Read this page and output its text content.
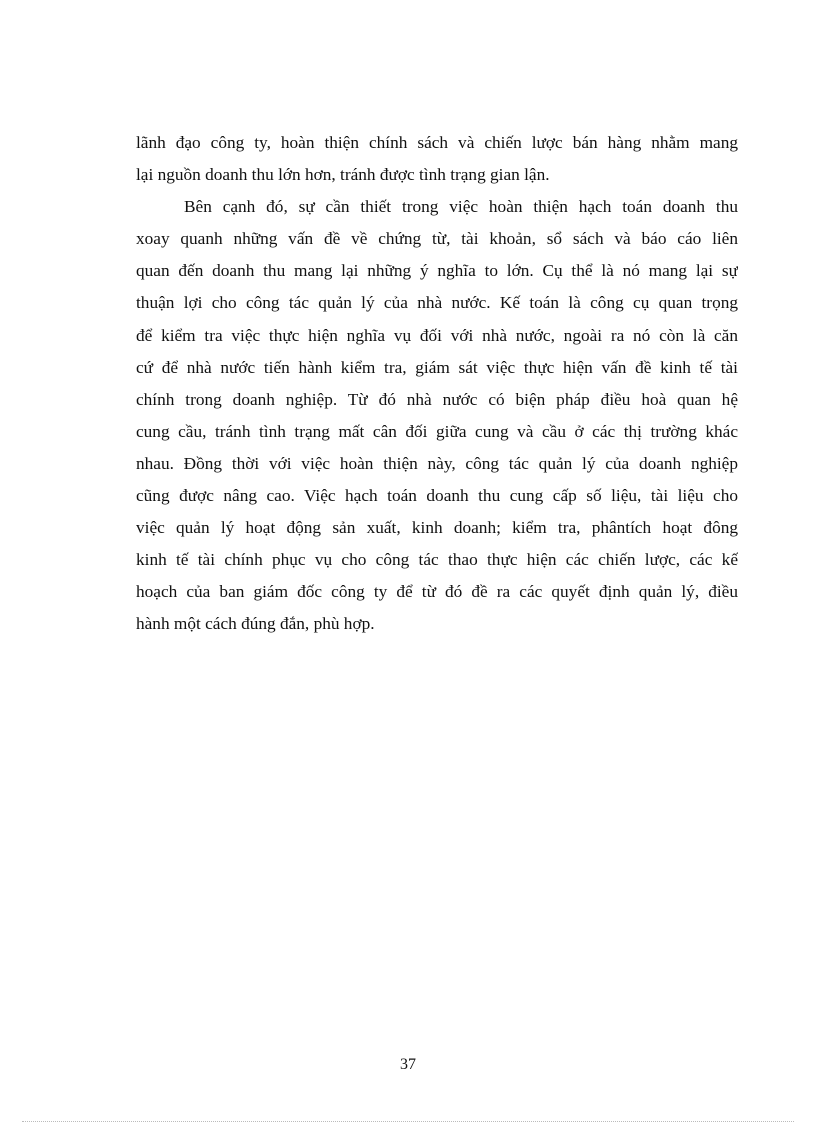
lãnh đạo công ty, hoàn thiện chính sách và chiến lược bán hàng nhằm mang
lại nguồn doanh thu lớn hơn, tránh được tình trạng gian lận.
Bên cạnh đó, sự cần thiết trong việc hoàn thiện hạch toán doanh thu
xoay quanh những vấn đề về chứng từ, tài khoản, sổ sách và báo cáo liên
quan đến doanh thu mang lại những ý nghĩa to lớn. Cụ thể là nó mang lại sự
thuận lợi cho công tác quản lý của nhà nước. Kế toán là công cụ quan trọng
để kiểm tra việc thực hiện nghĩa vụ đối với nhà nước, ngoài ra nó còn là căn
cứ để nhà nước tiến hành kiểm tra, giám sát việc thực hiện vấn đề kinh tế tài
chính trong doanh nghiệp. Từ đó nhà nước có biện pháp điều hoà quan hệ
cung cầu, tránh tình trạng mất cân đối giữa cung và cầu ở các thị trường khác
nhau. Đồng thời với việc hoàn thiện này, công tác quản lý của doanh nghiệp
cũng được nâng cao. Việc hạch toán doanh thu cung cấp số liệu, tài liệu cho
việc quản lý hoạt động sản xuất, kinh doanh; kiểm tra, phântích hoạt đông
kinh tế tài chính phục vụ cho công tác thao thực hiện các chiến lược, các kế
hoạch của ban giám đốc công ty để từ đó đề ra các quyết định quản lý, điều
hành một cách đúng đắn, phù hợp.
37
